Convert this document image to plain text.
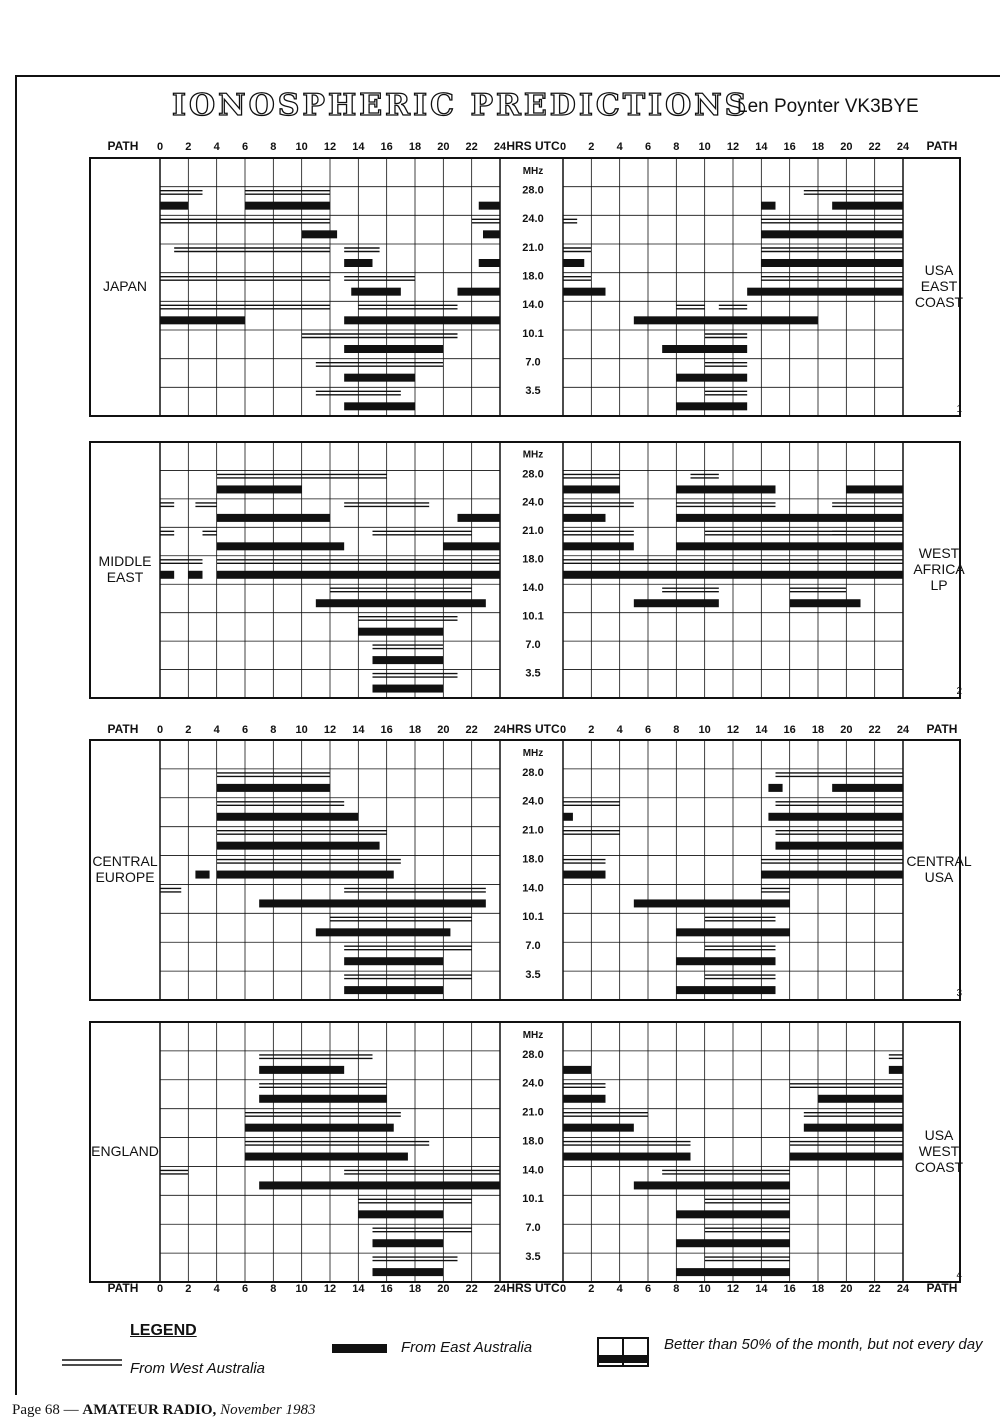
IONOSPHERIC PREDICTIONS
Len Poynter VK3BYE
PATH	PATH
HRS UTC
0	0
2	2
4	4
6	6
8	8
10	10
12	12
14	14
16	16
18	18
20	20
22	22
24	24
PATH	PATH
HRS UTC
0	0
2	2
4	4
6	6
8	8
10	10
12	12
14	14
16	16
18	18
20	20
22	22
24	24
PATH	PATH
HRS UTC
0	0
2	2
4	4
6	6
8	8
10	10
12	12
14	14
16	16
18	18
20	20
22	22
24	24
MHz
28.0
24.0
21.0
18.0
14.0
10.1
7.0
3.5
JAPAN
USA
EAST
COAST
1
MHz
28.0
24.0
21.0
18.0
14.0
10.1
7.0
3.5
MIDDLE
EAST
WEST
AFRICA
LP
2
MHz
28.0
24.0
21.0
18.0
14.0
10.1
7.0
3.5
CENTRAL
EUROPE
CENTRAL
USA
3
MHz
28.0
24.0
21.0
18.0
14.0
10.1
7.0
3.5
ENGLAND
USA
WEST
COAST
4
LEGEND
From West Australia
From East Australia	Better than 50% of the month, but not every day
Page 68 — AMATEUR RADIO, November 1983
